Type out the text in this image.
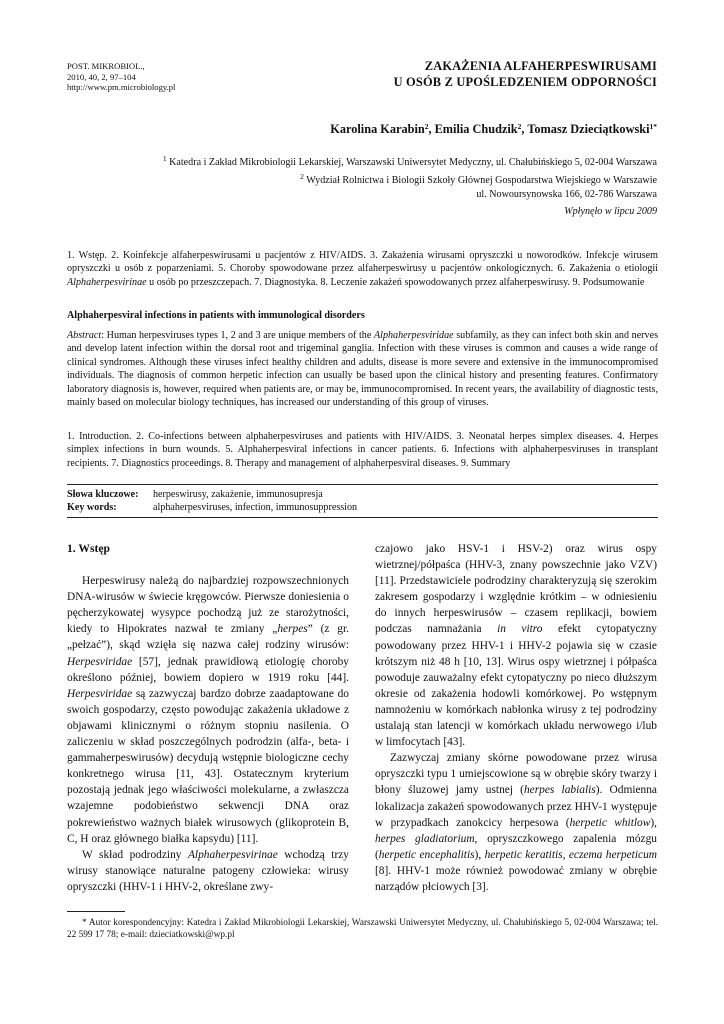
POST. MIKROBIOL.,
2010, 40, 2, 97–104
http://www.pm.microbiology.pl
ZAKAŻENIA ALFAHERPESWIRUSAMI
U OSÓB Z UPOŚLEDZENIEM ODPORNOŚCI
Karolina Karabin$^2$, Emilia Chudzik$^2$, Tomasz Dzieciątkowski$^{1*}$
$^1$ Katedra i Zakład Mikrobiologii Lekarskiej, Warszawski Uniwersytet Medyczny, ul. Chałubińskiego 5, 02-004 Warszawa
$^2$ Wydział Rolnictwa i Biologii Szkoły Głównej Gospodarstwa Wiejskiego w Warszawie
ul. Nowoursynowska 166, 02-786 Warszawa
Wpłynęło w lipcu 2009
1. Wstęp. 2. Koinfekcje alfaherpeswirusami u pacjentów z HIV/AIDS. 3. Zakażenia wirusami opryszczki u noworodków. Infekcje wirusem opryszczki u osób z poparzeniami. 5. Choroby spowodowane przez alfaherpeswirusy u pacjentów onkologicznych. 6. Zakażenia o etiologii Alphaherpesvirinae u osób po przeszczepach. 7. Diagnostyka. 8. Leczenie zakażeń spowodowanych przez alfaherpeswirusy. 9. Podsumowanie
Alphaherpesviral infections in patients with immunological disorders
Abstract: Human herpesviruses types 1, 2 and 3 are unique members of the Alphaherpesviridae subfamily, as they can infect both skin and nerves and develop latent infection within the dorsal root and trigeminal ganglia. Infection with these viruses is common and causes a wide range of clinical syndromes. Although these viruses infect healthy children and adults, disease is more severe and extensive in the immunocompromised individuals. The diagnosis of common herpetic infection can usually be based upon the clinical history and presenting features. Confirmatory laboratory diagnosis is, however, required when patients are, or may be, immunocompromised. In recent years, the availability of diagnostic tests, mainly based on molecular biology techniques, has increased our understanding of this group of viruses.
1. Introduction. 2. Co-infections between alphaherpesviruses and patients with HIV/AIDS. 3. Neonatal herpes simplex diseases. 4. Herpes simplex infections in burn wounds. 5. Alphaherpesviral infections in cancer patients. 6. Infections with alphaherpesviruses in transplant recipients. 7. Diagnostics proceedings. 8. Therapy and management of alphaherpesviral diseases. 9. Summary
Słowa kluczowe:	herpeswirusy, zakażenie, immunosupresja
Key words:	alphaherpesviruses, infection, immunosuppression

1. Wstęp

Herpeswirusy należą do najbardziej rozpowszechnionych DNA-wirusów w świecie kręgowców. Pierwsze doniesienia o pęcherzykowatej wysypce pochodzą już ze starożytności, kiedy to Hipokrates nazwał te zmiany „herpes” (z gr. „pełzać”), skąd wzięła się nazwa całej rodziny wirusów: Herpesviridae [57], jednak prawidłową etiologię choroby określono później, bowiem dopiero w 1919 roku [44]. Herpesviridae są zazwyczaj bardzo dobrze zaadaptowane do swoich gospodarzy, często powodując zakażenia układowe z objawami klinicznymi o różnym stopniu nasilenia. O zaliczeniu w skład poszczególnych podrodzin (alfa-, beta- i gammaherpeswirusów) decydują wstępnie biologiczne cechy konkretnego wirusa [11, 43]. Ostatecznym kryterium pozostają jednak jego właściwości molekularne, a zwłaszcza wzajemne podobieństwo sekwencji DNA oraz pokrewieństwo ważnych białek wirusowych (glikoprotein B, C, H oraz głównego białka kapsydu) [11].

W skład podrodziny Alphaherpesvirinae wchodzą trzy wirusy stanowiące naturalne patogeny człowieka: wirusy opryszczki (HHV-1 i HHV-2, określane zwy-

czajowo jako HSV-1 i HSV-2) oraz wirus ospy wietrznej/półpaśca (HHV-3, znany powszechnie jako VZV) [11]. Przedstawiciele podrodziny charakteryzują się szerokim zakresem gospodarzy i względnie krótkim – w odniesieniu do innych herpeswirusów – czasem replikacji, bowiem podczas namnażania in vitro efekt cytopatyczny powodowany przez HHV-1 i HHV-2 pojawia się w czasie krótszym niż 48 h [10, 13]. Wirus ospy wietrznej i półpaśca powoduje zauważalny efekt cytopatyczny po nieco dłuższym okresie od zakażenia hodowli komórkowej. Po wstępnym namnożeniu w komórkach nabłonka wirusy z tej podrodziny ustalają stan latencji w komórkach układu nerwowego i/lub w limfocytach [43].

Zazwyczaj zmiany skórne powodowane przez wirusa opryszczki typu 1 umiejscowione są w obrębie skóry twarzy i błony śluzowej jamy ustnej (herpes labialis). Odmienna lokalizacja zakażeń spowodowanych przez HHV-1 występuje w przypadkach zanokcicy herpesowa (herpetic whitlow), herpes gladiatorium, opryszczkowego zapalenia mózgu (herpetic encephalitis), herpetic keratitis, eczema herpeticum [8]. HHV-1 może również powodować zmiany w obrębie narządów płciowych [3].

* Autor korespondencyjny: Katedra i Zakład Mikrobiologii Lekarskiej, Warszawski Uniwersytet Medyczny, ul. Chałubińskiego 5, 02-004 Warszawa; tel. 22 599 17 78; e-mail: dzieciatkowski@wp.pl
